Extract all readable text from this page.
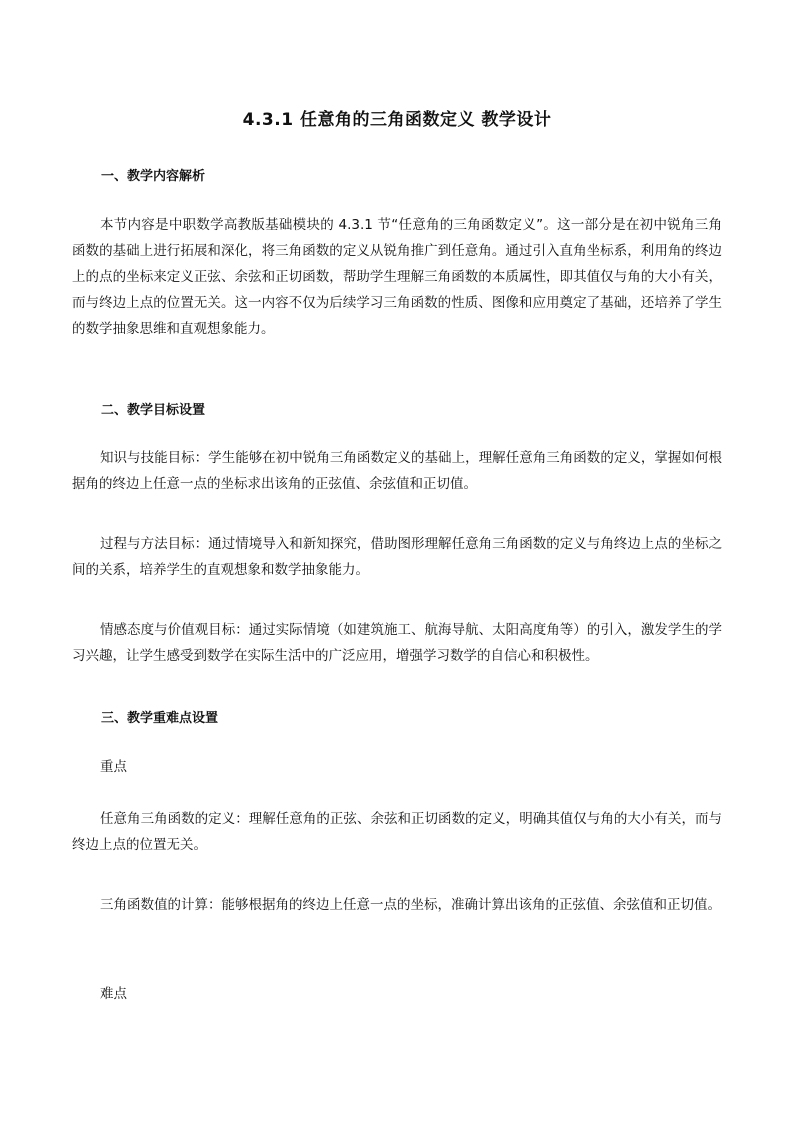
4.3.1 任意角的三角函数定义 教学设计
一、教学内容解析

本节内容是中职数学高教版基础模块的 4.3.1 节“任意角的三角函数定义”。这一部分是在初中锐角三角函数的基础上进行拓展和深化，将三角函数的定义从锐角推广到任意角。通过引入直角坐标系，利用角的终边上的点的坐标来定义正弦、余弦和正切函数，帮助学生理解三角函数的本质属性，即其值仅与角的大小有关，而与终边上点的位置无关。这一内容不仅为后续学习三角函数的性质、图像和应用奠定了基础，还培养了学生的数学抽象思维和直观想象能力。

二、教学目标设置

知识与技能目标：学生能够在初中锐角三角函数定义的基础上，理解任意角三角函数的定义，掌握如何根据角的终边上任意一点的坐标求出该角的正弦值、余弦值和正切值。

过程与方法目标：通过情境导入和新知探究，借助图形理解任意角三角函数的定义与角终边上点的坐标之间的关系，培养学生的直观想象和数学抽象能力。

情感态度与价值观目标：通过实际情境（如建筑施工、航海导航、太阳高度角等）的引入，激发学生的学习兴趣，让学生感受到数学在实际生活中的广泛应用，增强学习数学的自信心和积极性。

三、教学重难点设置

重点

任意角三角函数的定义：理解任意角的正弦、余弦和正切函数的定义，明确其值仅与角的大小有关，而与终边上点的位置无关。

三角函数值的计算：能够根据角的终边上任意一点的坐标，准确计算出该角的正弦值、余弦值和正切值。

难点
